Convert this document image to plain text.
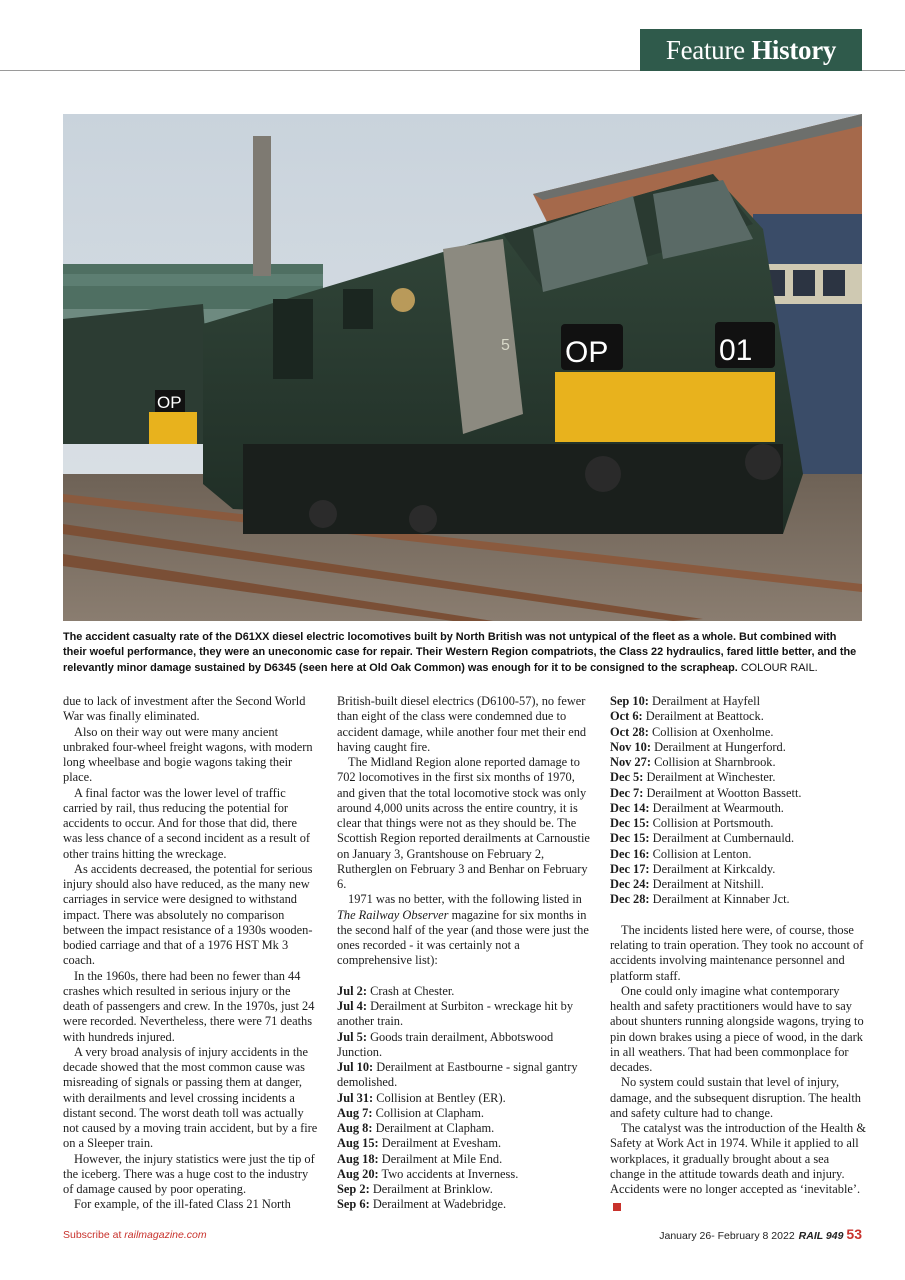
Feature History
OP
OP	01
5
The accident casualty rate of the D61XX diesel electric locomotives built by North British was not untypical of the fleet as a whole. But combined with their woeful performance, they were an uneconomic case for repair. Their Western Region compatriots, the Class 22 hydraulics, fared little better, and the relevantly minor damage sustained by D6345 (seen here at Old Oak Common) was enough for it to be consigned to the scrapheap. COLOUR RAIL.

due to lack of investment after the Second World War was finally eliminated.

Also on their way out were many ancient unbraked four-wheel freight wagons, with modern long wheelbase and bogie wagons taking their place.

A final factor was the lower level of traffic carried by rail, thus reducing the potential for accidents to occur. And for those that did, there was less chance of a second incident as a result of other trains hitting the wreckage.

As accidents decreased, the potential for serious injury should also have reduced, as the many new carriages in service were designed to withstand impact. There was absolutely no comparison between the impact resistance of a 1930s wooden-bodied carriage and that of a 1976 HST Mk 3 coach.

In the 1960s, there had been no fewer than 44 crashes which resulted in serious injury or the death of passengers and crew. In the 1970s, just 24 were recorded. Nevertheless, there were 71 deaths with hundreds injured.

A very broad analysis of injury accidents in the decade showed that the most common cause was misreading of signals or passing them at danger, with derailments and level crossing incidents a distant second. The worst death toll was actually not caused by a moving train accident, but by a fire on a Sleeper train.

However, the injury statistics were just the tip of the iceberg. There was a huge cost to the industry of damage caused by poor operating.

For example, of the ill-fated Class 21 North

British-built diesel electrics (D6100-57), no fewer than eight of the class were condemned due to accident damage, while another four met their end having caught fire.

The Midland Region alone reported damage to 702 locomotives in the first six months of 1970, and given that the total locomotive stock was only around 4,000 units across the entire country, it is clear that things were not as they should be. The Scottish Region reported derailments at Carnoustie on January 3, Grantshouse on February 2, Rutherglen on February 3 and Benhar on February 6.

1971 was no better, with the following listed in The Railway Observer magazine for six months in the second half of the year (and those were just the ones recorded - it was certainly not a comprehensive list):

Jul 2: Crash at Chester.

Jul 4: Derailment at Surbiton - wreckage hit by another train.

Jul 5: Goods train derailment, Abbotswood Junction.

Jul 10: Derailment at Eastbourne - signal gantry demolished.

Jul 31: Collision at Bentley (ER).

Aug 7: Collision at Clapham.

Aug 8: Derailment at Clapham.

Aug 15: Derailment at Evesham.

Aug 18: Derailment at Mile End.

Aug 20: Two accidents at Inverness.

Sep 2: Derailment at Brinklow.

Sep 6: Derailment at Wadebridge.

Sep 10: Derailment at Hayfell

Oct 6: Derailment at Beattock.

Oct 28: Collision at Oxenholme.

Nov 10: Derailment at Hungerford.

Nov 27: Collision at Sharnbrook.

Dec 5: Derailment at Winchester.

Dec 7: Derailment at Wootton Bassett.

Dec 14: Derailment at Wearmouth.

Dec 15: Collision at Portsmouth.

Dec 15: Derailment at Cumbernauld.

Dec 16: Collision at Lenton.

Dec 17: Derailment at Kirkcaldy.

Dec 24: Derailment at Nitshill.

Dec 28: Derailment at Kinnaber Jct.

The incidents listed here were, of course, those relating to train operation. They took no account of accidents involving maintenance personnel and platform staff.

One could only imagine what contemporary health and safety practitioners would have to say about shunters running alongside wagons, trying to pin down brakes using a piece of wood, in the dark in all weathers. That had been commonplace for decades.

No system could sustain that level of injury, damage, and the subsequent disruption. The health and safety culture had to change.

The catalyst was the introduction of the Health & Safety at Work Act in 1974. While it applied to all workplaces, it gradually brought about a sea change in the attitude towards death and injury. Accidents were no longer accepted as ‘inevitable’.R

Subscribe at railmagazine.com	January 26- February 8 2022 RAIL 949 53
